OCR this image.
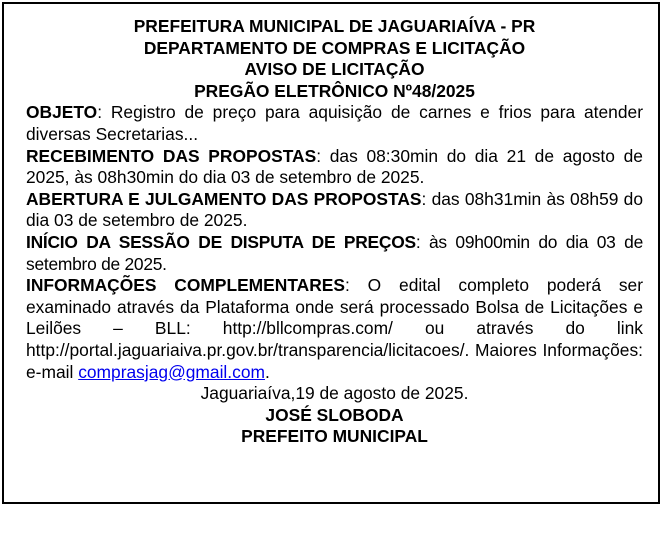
PREFEITURA MUNICIPAL DE JAGUARIAÍVA - PR
DEPARTAMENTO DE COMPRAS E LICITAÇÃO
AVISO DE LICITAÇÃO
PREGÃO ELETRÔNICO Nº48/2025
OBJETO: Registro de preço para aquisição de carnes e frios para atender diversas Secretarias...
RECEBIMENTO DAS PROPOSTAS: das 08:30min do dia 21 de agosto de 2025, às 08h30min do dia 03 de setembro de 2025.
ABERTURA E JULGAMENTO DAS PROPOSTAS: das 08h31min às 08h59 do dia 03 de setembro de 2025.
INÍCIO DA SESSÃO DE DISPUTA DE PREÇOS: às 09h00min do dia 03 de setembro de 2025.
INFORMAÇÕES COMPLEMENTARES: O edital completo poderá ser examinado através da Plataforma onde será processado Bolsa de Licitações e Leilões – BLL: http://bllcompras.com/ ou através do link http://portal.jaguariaiva.pr.gov.br/transparencia/licitacoes/. Maiores Informações: e-mail comprasjag@gmail.com.
Jaguariaíva,19 de agosto de 2025.
JOSÉ SLOBODA
PREFEITO MUNICIPAL
